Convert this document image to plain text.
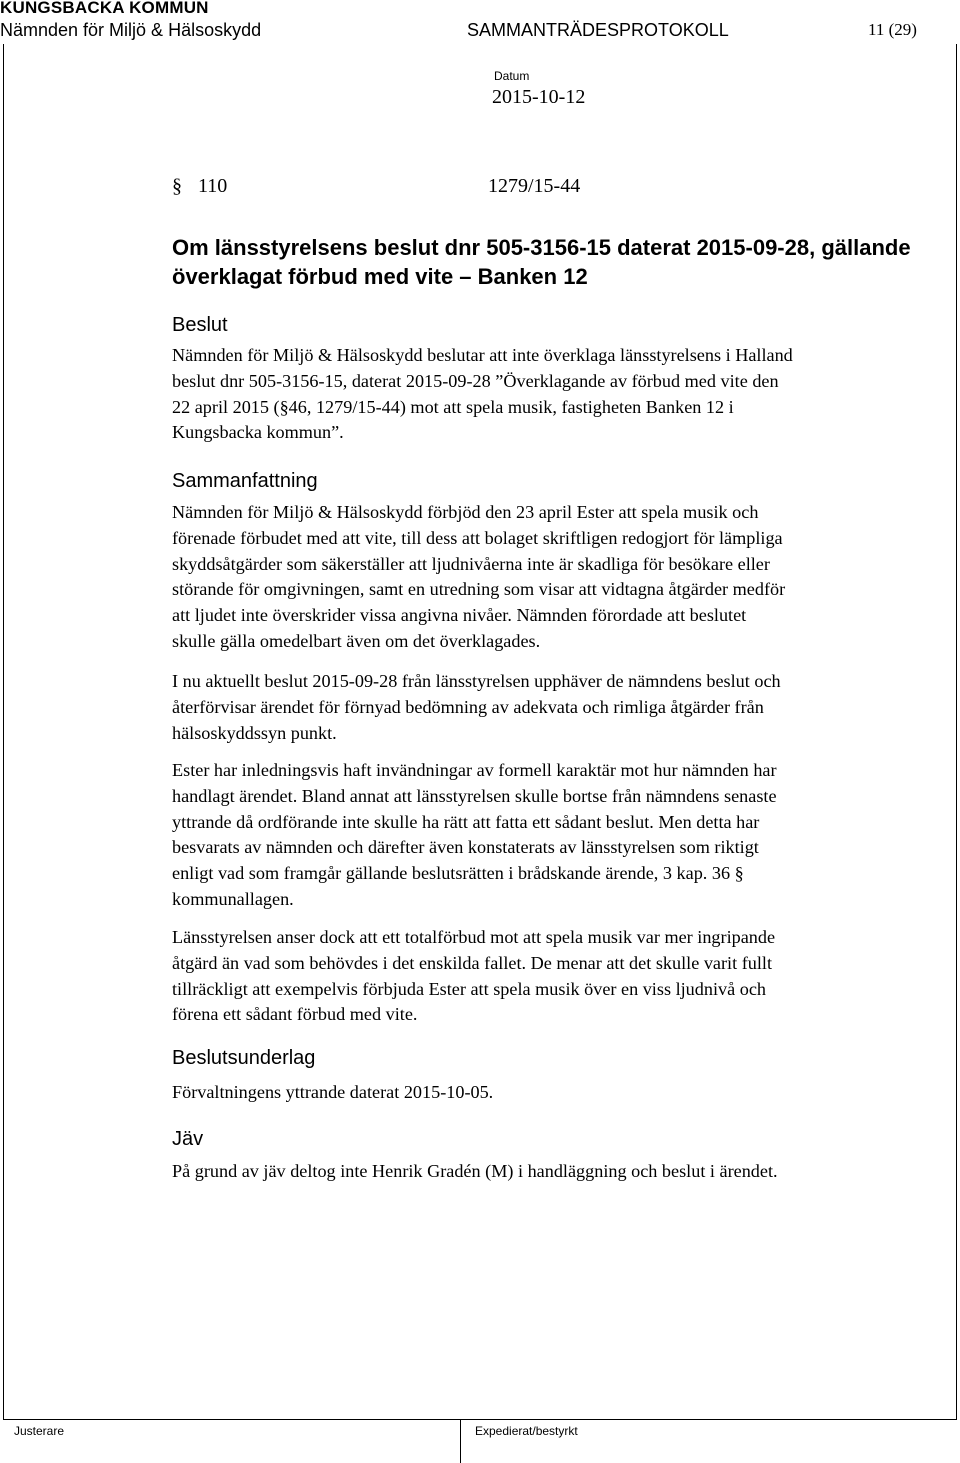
KUNGSBACKA KOMMUN
Nämnden för Miljö & Hälsoskydd	SAMMANTRÄDESPROTOKOLL	11 (29)
Datum
2015-10-12
§ 110	1279/15-44
Om länsstyrelsens beslut dnr 505-3156-15 daterat 2015-09-28, gällande överklagat förbud med vite – Banken 12
Beslut

Nämnden för Miljö & Hälsoskydd beslutar att inte överklaga länsstyrelsens i Halland

beslut dnr 505-3156-15, daterat 2015-09-28 ”Överklagande av förbud med vite den

22 april 2015 (§46, 1279/15-44) mot att spela musik, fastigheten Banken 12 i

Kungsbacka kommun”.

Sammanfattning

Nämnden för Miljö & Hälsoskydd förbjöd den 23 april Ester att spela musik och

förenade förbudet med att vite, till dess att bolaget skriftligen redogjort för lämpliga

skyddsåtgärder som säkerställer att ljudnivåerna inte är skadliga för besökare eller

störande för omgivningen, samt en utredning som visar att vidtagna åtgärder medför

att ljudet inte överskrider vissa angivna nivåer. Nämnden förordade att beslutet

skulle gälla omedelbart även om det överklagades.

I nu aktuellt beslut 2015-09-28 från länsstyrelsen upphäver de nämndens beslut och

återförvisar ärendet för förnyad bedömning av adekvata och rimliga åtgärder från

hälsoskyddssyn punkt.

Ester har inledningsvis haft invändningar av formell karaktär mot hur nämnden har

handlagt ärendet. Bland annat att länsstyrelsen skulle bortse från nämndens senaste

yttrande då ordförande inte skulle ha rätt att fatta ett sådant beslut. Men detta har

besvarats av nämnden och därefter även konstaterats av länsstyrelsen som riktigt

enligt vad som framgår gällande beslutsrätten i brådskande ärende, 3 kap. 36 §

kommunallagen.

Länsstyrelsen anser dock att ett totalförbud mot att spela musik var mer ingripande

åtgärd än vad som behövdes i det enskilda fallet. De menar att det skulle varit fullt

tillräckligt att exempelvis förbjuda Ester att spela musik över en viss ljudnivå och

förena ett sådant förbud med vite.

Beslutsunderlag

Förvaltningens yttrande daterat 2015-10-05.

Jäv

På grund av jäv deltog inte Henrik Gradén (M) i handläggning och beslut i ärendet.

Justerare	Expedierat/bestyrkt
